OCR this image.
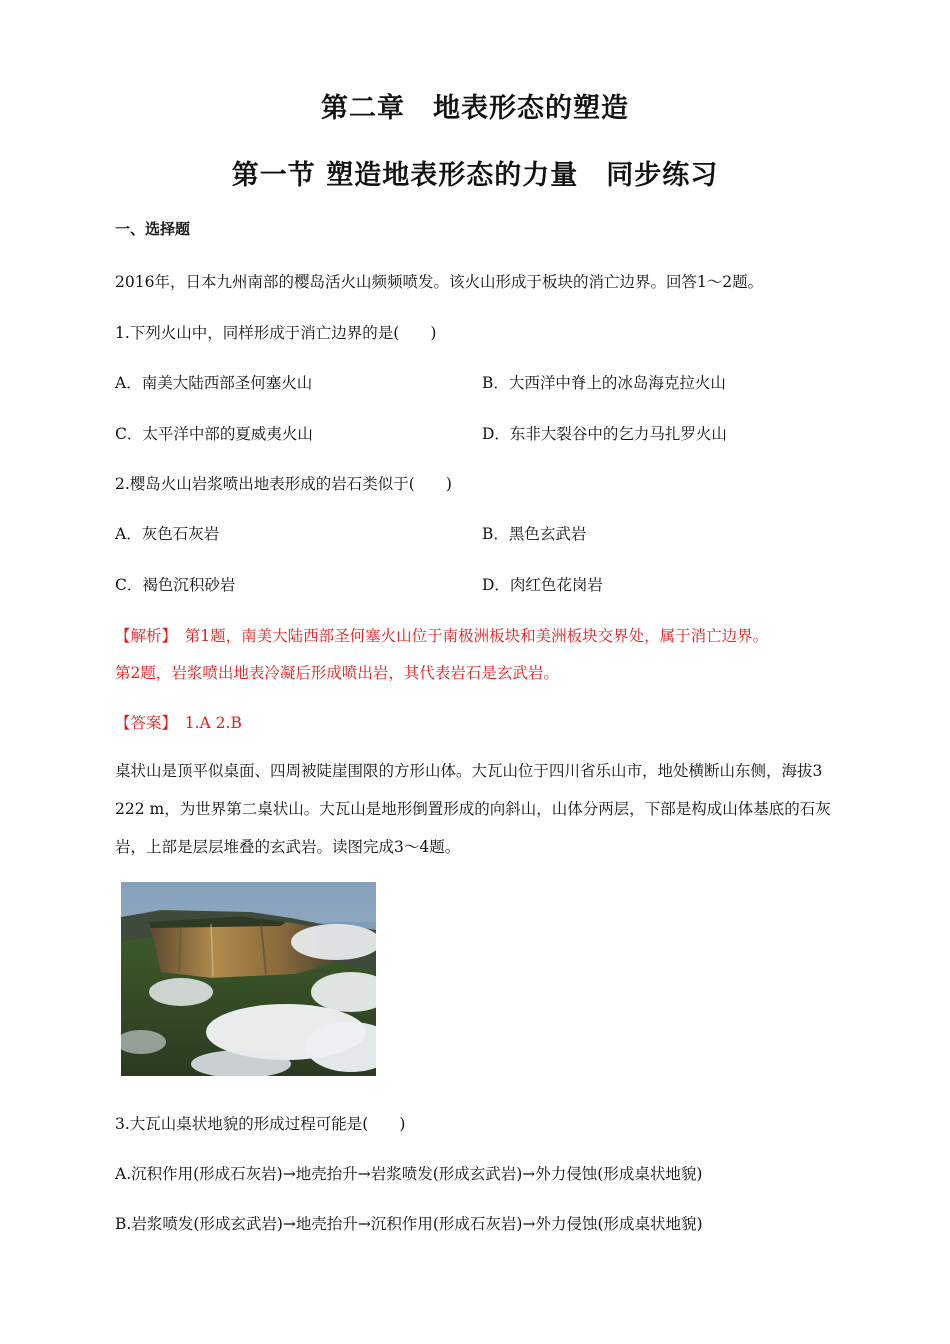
第二章　地表形态的塑造
第一节 塑造地表形态的力量　同步练习
一、选择题
2016年，日本九州南部的樱岛活火山频频喷发。该火山形成于板块的消亡边界。回答1～2题。
1.下列火山中，同样形成于消亡边界的是(　　)
A．南美大陆西部圣何塞火山	B．大西洋中脊上的冰岛海克拉火山
C．太平洋中部的夏威夷火山	D．东非大裂谷中的乞力马扎罗火山
2.樱岛火山岩浆喷出地表形成的岩石类似于(　　)
A．灰色石灰岩	B．黑色玄武岩
C．褐色沉积砂岩	D．肉红色花岗岩
【解析】　第1题，南美大陆西部圣何塞火山位于南极洲板块和美洲板块交界处，属于消亡边界。
第2题，岩浆喷出地表冷凝后形成喷出岩，其代表岩石是玄武岩。
【答案】　1.A 2.B
桌状山是顶平似桌面、四周被陡崖围限的方形山体。大瓦山位于四川省乐山市，地处横断山东侧，海拔3 222 m，为世界第二桌状山。大瓦山是地形倒置形成的向斜山，山体分两层，下部是构成山体基底的石灰岩，上部是层层堆叠的玄武岩。读图完成3～4题。
3.大瓦山桌状地貌的形成过程可能是(　　)
A.沉积作用(形成石灰岩)→地壳抬升→岩浆喷发(形成玄武岩)→外力侵蚀(形成桌状地貌)
B.岩浆喷发(形成玄武岩)→地壳抬升→沉积作用(形成石灰岩)→外力侵蚀(形成桌状地貌)
